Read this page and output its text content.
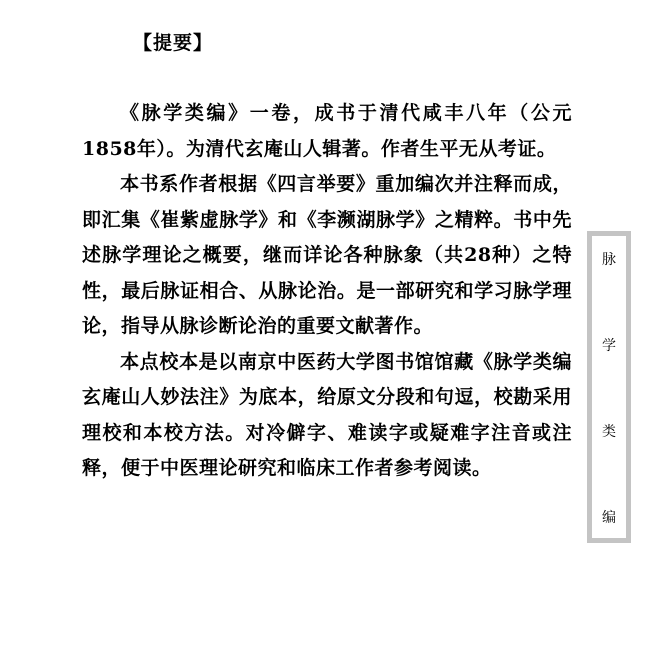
【提要】

《脉学类编》一卷，成书于清代咸丰八年（公元1858年）。为清代玄庵山人辑著。作者生平无从考证。

本书系作者根据《四言举要》重加编次并注释而成，即汇集《崔紫虚脉学》和《李濒湖脉学》之精粹。书中先述脉学理论之概要，继而详论各种脉象（共28种）之特性，最后脉证相合、从脉论治。是一部研究和学习脉学理论，指导从脉诊断论治的重要文献著作。

本点校本是以南京中医药大学图书馆馆藏《脉学类编玄庵山人妙法注》为底本，给原文分段和句逗，校勘采用理校和本校方法。对冷僻字、难读字或疑难字注音或注释，便于中医理论研究和临床工作者参考阅读。

脉
学
类
编
